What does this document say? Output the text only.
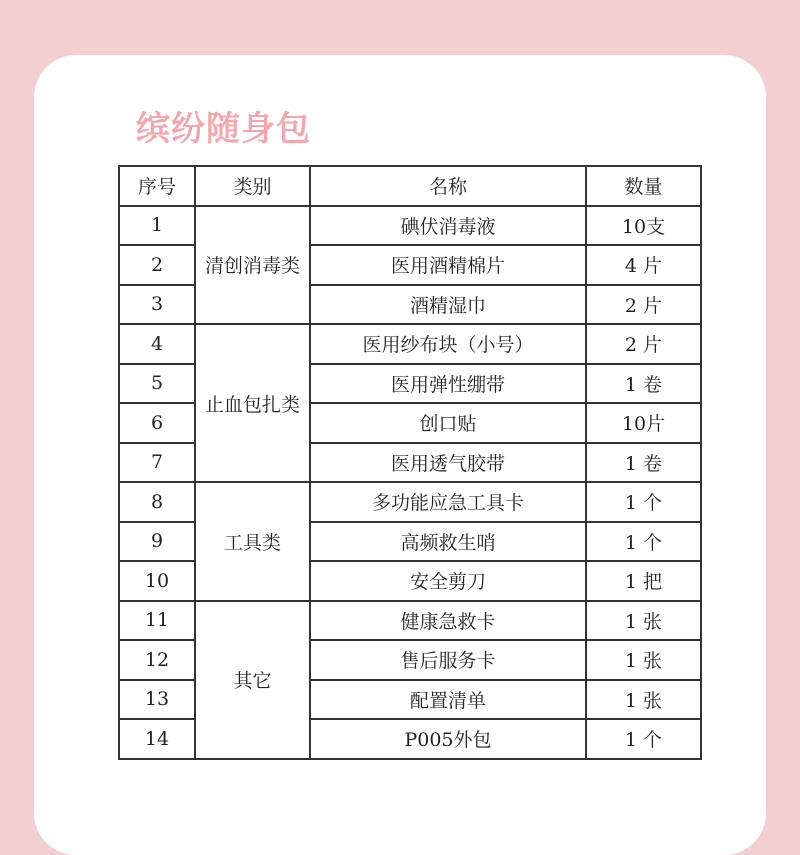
缤纷随身包
序号	类别	名称	数量
1	清创消毒类	碘伏消毒液	10支
2		医用酒精棉片	4 片
3		酒精湿巾	2 片
4	止血包扎类	医用纱布块（小号）	2 片
5		医用弹性绷带	1 卷
6		创口贴	10片
7		医用透气胶带	1 卷
8	工具类	多功能应急工具卡	1 个
9		高频救生哨	1 个
10		安全剪刀	1 把
11	其它	健康急救卡	1 张
12		售后服务卡	1 张
13		配置清单	1 张
14		P005外包	1 个
